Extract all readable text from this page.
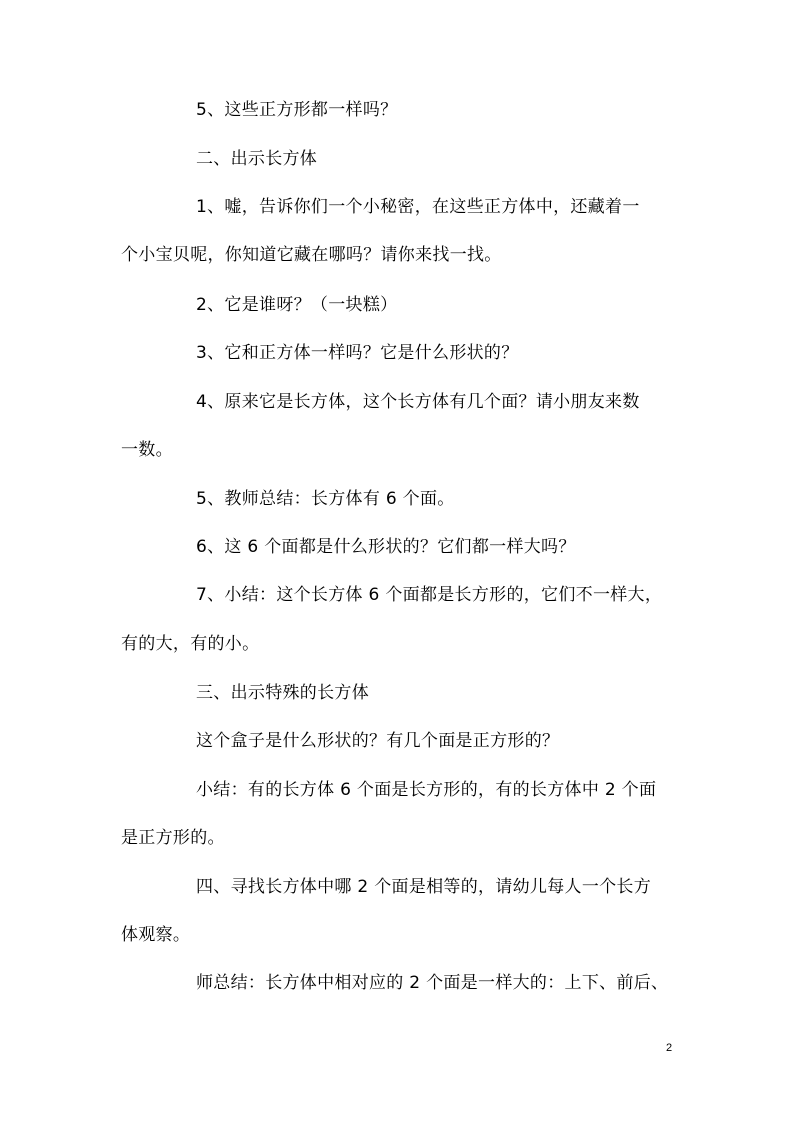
5、这些正方形都一样吗？
二、出示长方体
1、嘘，告诉你们一个小秘密，在这些正方体中，还藏着一
个小宝贝呢，你知道它藏在哪吗？请你来找一找。
2、它是谁呀？（一块糕）
3、它和正方体一样吗？它是什么形状的？
4、原来它是长方体，这个长方体有几个面？请小朋友来数
一数。
5、教师总结：长方体有 6 个面。
6、这 6 个面都是什么形状的？它们都一样大吗？
7、小结：这个长方体 6 个面都是长方形的，它们不一样大，
有的大，有的小。
三、出示特殊的长方体
这个盒子是什么形状的？有几个面是正方形的？
小结：有的长方体 6 个面是长方形的，有的长方体中 2 个面
是正方形的。
四、寻找长方体中哪 2 个面是相等的，请幼儿每人一个长方
体观察。
师总结：长方体中相对应的 2 个面是一样大的：上下、前后、
2
